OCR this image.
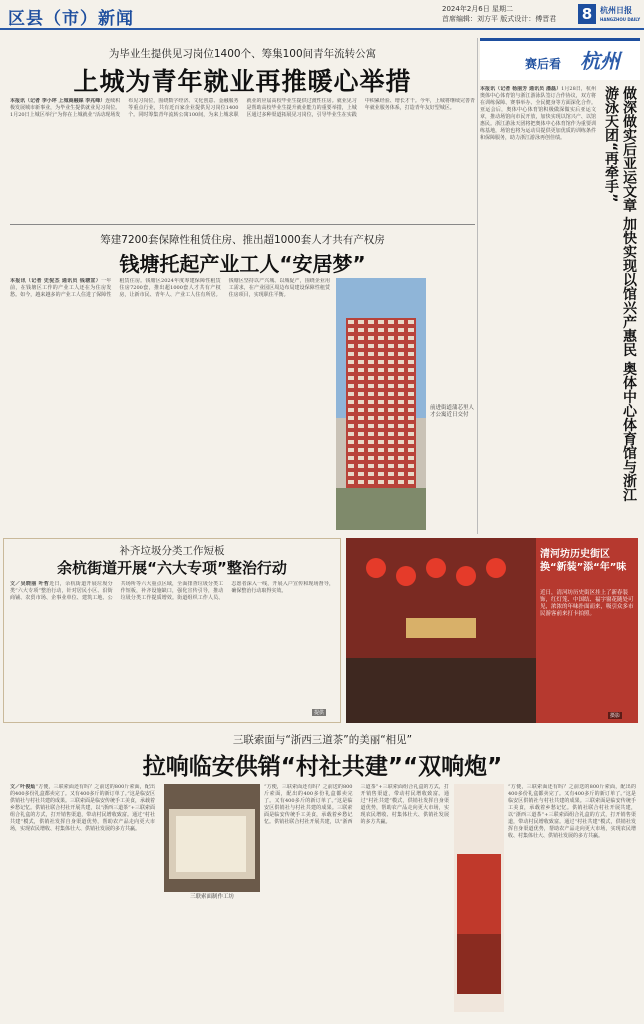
区县（市）新闻	2024年2月6日 星期二
首席编辑：刘方平 版式设计：傅晋君 8 杭州日报
HANGZHOU DAILY
为毕业生提供见习岗位1400个、筹集100间青年流转公寓
上城为青年就业再推暖心举措
本报讯（记者 李小坪 上城商融媒 李兆峰）连续积极发展城市新事业，为毕业生提供就业见习岗位。1月20日上城区举行“为你在上城就业”活动现场发布见习岗位，围绕数字经济、文化创意、金融服务等重点行业，共有近百家企业提供见习岗位1400个。同时筹集青年流转公寓100间，为来上城求职就业的应届高校毕业生提供过渡性住房。就业见习是帮助高校毕业生提升就业能力的重要举措，上城区通过多种渠道拓展见习岗位，引导毕业生在实践中积累经验、增长才干。今年，上城将继续完善青年就业服务体系，打造青年友好型城区。
筹建7200套保障性租赁住房、推出超1000套人才共有产权房
钱塘托起产业工人“安居梦”
本报讯（记者 史倪杰 通讯员 钱塘宣）一年前，在钱塘区工作的产业工人还在为住房发愁。如今，越来越多的产业工人住进了保障性租赁住房。钱塘区2024年度筹建保障性租赁住房7200套，推出超1000套人才共有产权房，让新市民、青年人、产业工人住有所居。钱塘区坚持以产兴城、以城促产，围绕企业用工需求，在产业园区周边布局建设保障性租赁住房项目，实现职住平衡。
前进街道蒲芯里人才公寓近日交付
赛后看 杭州
做深做实后亚运文章 加快实现以馆兴产惠民 奥体中心体育馆与浙江游泳天团“再牵手”
本报讯（记者 杨丽芳 通讯员 潘磊）1月28日，杭州奥体中心体育馆与浙江游泳队签订合作协议，双方将在训练保障、赛事举办、全民健身等方面深化合作。亚运会后，奥体中心体育馆积极做深做实后亚运文章，推动场馆向市民开放，加快实现以馆兴产、以馆惠民。浙江游泳天团将把奥体中心体育馆作为重要训练基地，场馆也将为运动员提供更加优质的训练条件和保障服务，助力浙江游泳再创佳绩。
补齐垃圾分类工作短板
余杭街道开展“六大专项”整治行动
文／吴晓丽 叶哲近日，余杭街道开展垃圾分类“六大专项”整治行动，针对居民小区、沿街商铺、农贸市场、企事业单位、建筑工地、公共场所等六大重点区域，全面排查垃圾分类工作短板，补齐设施缺口，强化宣传引导，推动垃圾分类工作提质增效。街道组织工作人员、志愿者深入一线，开展入户宣传和现场督导，确保整治行动取得实效。
提供
清河坊历史街区换“新装”添“年”味
近日，清河坊历史街区挂上了新春装饰，红灯笼、中国结、福字窗花随处可见，浓浓的年味扑面而来，吸引众多市民游客前来打卡拍照。
摄影
三联索面与“浙西三道茶”的美丽“相见”
拉响临安供销“村社共建”“双响炮”
文／叶俊灿“方便，三联索面还有吗？之前送的800斤索面，配出的400多份礼盒都卖完了。又有400多斤的新订单了。”这是临安区供销社与村社共建的成果。三联索面是临安传统手工美食，承载着乡愁记忆。供销社联合村社开展共建，以“浙西三道茶”+三联索面组合礼盒的方式，打开销售渠道，带动村民增收致富。通过“村社共建”模式，供销社发挥自身渠道优势，帮助农产品走向更大市场，实现农民增收、村集体壮大、供销社发展的多方共赢。
三联索面制作工坊
“方便，三联索面还有吗？之前送的800斤索面，配出的400多份礼盒都卖完了。又有400多斤的新订单了。”这是临安区供销社与村社共建的成果。三联索面是临安传统手工美食，承载着乡愁记忆。供销社联合村社开展共建，以“浙西三道茶”+三联索面组合礼盒的方式，打开销售渠道，带动村民增收致富。通过“村社共建”模式，供销社发挥自身渠道优势，帮助农产品走向更大市场，实现农民增收、村集体壮大、供销社发展的多方共赢。
“方便，三联索面还有吗？之前送的800斤索面，配出的400多份礼盒都卖完了。又有400多斤的新订单了。”这是临安区供销社与村社共建的成果。三联索面是临安传统手工美食，承载着乡愁记忆。供销社联合村社开展共建，以“浙西三道茶”+三联索面组合礼盒的方式，打开销售渠道，带动村民增收致富。通过“村社共建”模式，供销社发挥自身渠道优势，帮助农产品走向更大市场，实现农民增收、村集体壮大、供销社发展的多方共赢。
